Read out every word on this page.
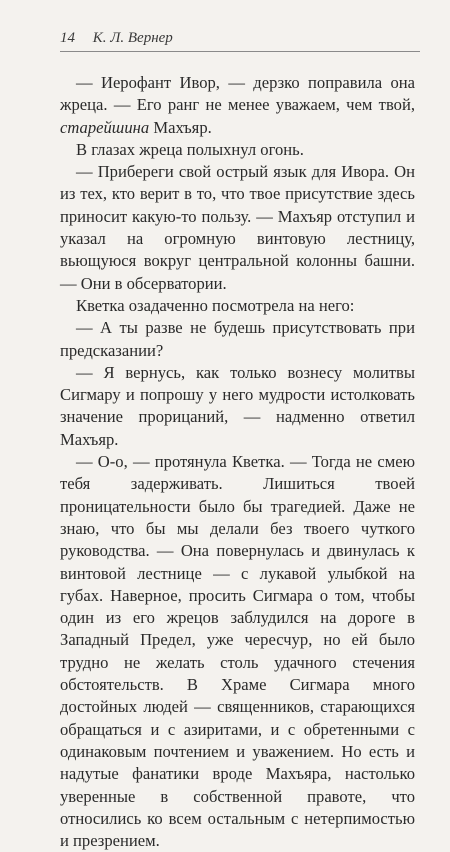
14 К. Л. Вернер

— Иерофант Ивор, — дерзко поправила она жреца. — Его ранг не менее уважаем, чем твой, старейшина Махъяр.

В глазах жреца полыхнул огонь.

— Прибереги свой острый язык для Ивора. Он из тех, кто верит в то, что твое присутствие здесь приносит какую-то пользу. — Махъяр отступил и указал на огромную винтовую лестницу, вьющуюся вокруг центральной колонны башни. — Они в обсерватории.

Кветка озадаченно посмотрела на него:

— А ты разве не будешь присутствовать при предсказании?

— Я вернусь, как только вознесу молитвы Сигмару и попрошу у него мудрости истолковать значение прорицаний, — надменно ответил Махъяр.

— О-о, — протянула Кветка. — Тогда не смею тебя задерживать. Лишиться твоей проницательности было бы трагедией. Даже не знаю, что бы мы делали без твоего чуткого руководства. — Она повернулась и двинулась к винтовой лестнице — с лукавой улыбкой на губах. Наверное, просить Сигмара о том, чтобы один из его жрецов заблудился на дороге в Западный Предел, уже чересчур, но ей было трудно не желать столь удачного стечения обстоятельств. В Храме Сигмара много достойных людей — священников, старающихся обращаться и с азиритами, и с обретенными с одинаковым почтением и уважением. Но есть и надутые фанатики вроде Махъяра, настолько уверенные в собственной правоте, что относились ко всем остальным с нетерпимостью и презрением.
